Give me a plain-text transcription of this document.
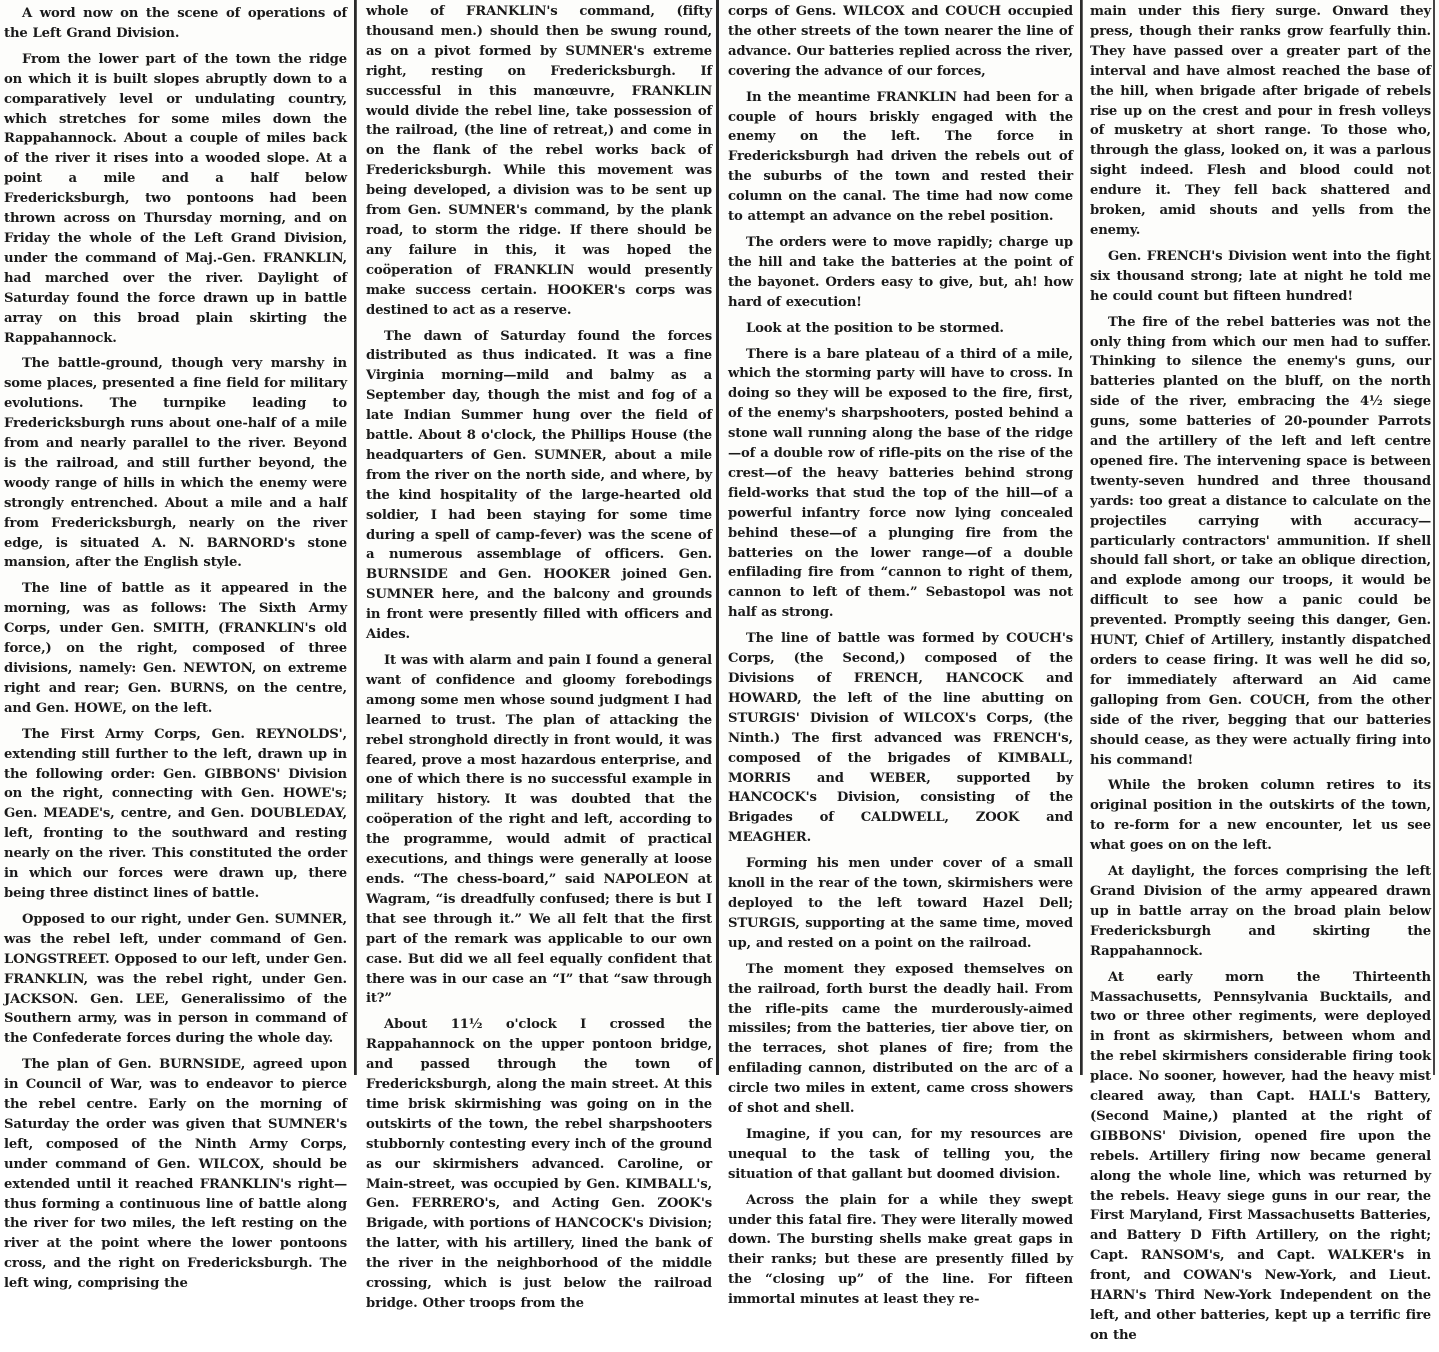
A word now on the scene of operations of the Left Grand Division.

From the lower part of the town the ridge on which it is built slopes abruptly down to a comparatively level or undulating country, which stretches for some miles down the Rappahannock. About a couple of miles back of the river it rises into a wooded slope. At a point a mile and a half below Fredericksburgh, two pontoons had been thrown across on Thursday morning, and on Friday the whole of the Left Grand Division, under the command of Maj.-Gen. FRANKLIN, had marched over the river. Daylight of Saturday found the force drawn up in battle array on this broad plain skirting the Rappahannock.

The battle-ground, though very marshy in some places, presented a fine field for military evolutions. The turnpike leading to Fredericksburgh runs about one-half of a mile from and nearly parallel to the river. Beyond is the railroad, and still further beyond, the woody range of hills in which the enemy were strongly entrenched. About a mile and a half from Fredericksburgh, nearly on the river edge, is situated A. N. BARNORD's stone mansion, after the English style.

The line of battle as it appeared in the morning, was as follows: The Sixth Army Corps, under Gen. SMITH, (FRANKLIN's old force,) on the right, composed of three divisions, namely: Gen. NEWTON, on extreme right and rear; Gen. BURNS, on the centre, and Gen. HOWE, on the left.

The First Army Corps, Gen. REYNOLDS', extending still further to the left, drawn up in the following order: Gen. GIBBONS' Division on the right, connecting with Gen. HOWE's; Gen. MEADE's, centre, and Gen. DOUBLEDAY, left, fronting to the southward and resting nearly on the river. This constituted the order in which our forces were drawn up, there being three distinct lines of battle.

Opposed to our right, under Gen. SUMNER, was the rebel left, under command of Gen. LONGSTREET. Opposed to our left, under Gen. FRANKLIN, was the rebel right, under Gen. JACKSON. Gen. LEE, Generalissimo of the Southern army, was in person in command of the Confederate forces during the whole day.

The plan of Gen. BURNSIDE, agreed upon in Council of War, was to endeavor to pierce the rebel centre. Early on the morning of Saturday the order was given that SUMNER's left, composed of the Ninth Army Corps, under command of Gen. WILCOX, should be extended until it reached FRANKLIN's right—thus forming a continuous line of battle along the river for two miles, the left resting on the river at the point where the lower pontoons cross, and the right on Fredericksburgh. The left wing, comprising the

whole of FRANKLIN's command, (fifty thousand men.) should then be swung round, as on a pivot formed by SUMNER's extreme right, resting on Fredericksburgh. If successful in this manœuvre, FRANKLIN would divide the rebel line, take possession of the railroad, (the line of retreat,) and come in on the flank of the rebel works back of Fredericksburgh. While this movement was being developed, a division was to be sent up from Gen. SUMNER's command, by the plank road, to storm the ridge. If there should be any failure in this, it was hoped the coöperation of FRANKLIN would presently make success certain. HOOKER's corps was destined to act as a reserve.

The dawn of Saturday found the forces distributed as thus indicated. It was a fine Virginia morning—mild and balmy as a September day, though the mist and fog of a late Indian Summer hung over the field of battle. About 8 o'clock, the Phillips House (the headquarters of Gen. SUMNER, about a mile from the river on the north side, and where, by the kind hospitality of the large-hearted old soldier, I had been staying for some time during a spell of camp-fever) was the scene of a numerous assemblage of officers. Gen. BURNSIDE and Gen. HOOKER joined Gen. SUMNER here, and the balcony and grounds in front were presently filled with officers and Aides.

It was with alarm and pain I found a general want of confidence and gloomy forebodings among some men whose sound judgment I had learned to trust. The plan of attacking the rebel stronghold directly in front would, it was feared, prove a most hazardous enterprise, and one of which there is no successful example in military history. It was doubted that the coöperation of the right and left, according to the programme, would admit of practical executions, and things were generally at loose ends. “The chess-board,” said NAPOLEON at Wagram, “is dreadfully confused; there is but I that see through it.” We all felt that the first part of the remark was applicable to our own case. But did we all feel equally confident that there was in our case an “I” that “saw through it?”

About 11½ o'clock I crossed the Rappahannock on the upper pontoon bridge, and passed through the town of Fredericksburgh, along the main street. At this time brisk skirmishing was going on in the outskirts of the town, the rebel sharpshooters stubbornly contesting every inch of the ground as our skirmishers advanced. Caroline, or Main-street, was occupied by Gen. KIMBALL's, Gen. FERRERO's, and Acting Gen. ZOOK's Brigade, with portions of HANCOCK's Division; the latter, with his artillery, lined the bank of the river in the neighborhood of the middle crossing, which is just below the railroad bridge. Other troops from the

corps of Gens. WILCOX and COUCH occupied the other streets of the town nearer the line of advance. Our batteries replied across the river, covering the advance of our forces,

In the meantime FRANKLIN had been for a couple of hours briskly engaged with the enemy on the left. The force in Fredericksburgh had driven the rebels out of the suburbs of the town and rested their column on the canal. The time had now come to attempt an advance on the rebel position.

The orders were to move rapidly; charge up the hill and take the batteries at the point of the bayonet. Orders easy to give, but, ah! how hard of execution!

Look at the position to be stormed.

There is a bare plateau of a third of a mile, which the storming party will have to cross. In doing so they will be exposed to the fire, first, of the enemy's sharpshooters, posted behind a stone wall running along the base of the ridge—of a double row of rifle-pits on the rise of the crest—of the heavy batteries behind strong field-works that stud the top of the hill—of a powerful infantry force now lying concealed behind these—of a plunging fire from the batteries on the lower range—of a double enfilading fire from “cannon to right of them, cannon to left of them.” Sebastopol was not half as strong.

The line of battle was formed by COUCH's Corps, (the Second,) composed of the Divisions of FRENCH, HANCOCK and HOWARD, the left of the line abutting on STURGIS' Division of WILCOX's Corps, (the Ninth.) The first advanced was FRENCH's, composed of the brigades of KIMBALL, MORRIS and WEBER, supported by HANCOCK's Division, consisting of the Brigades of CALDWELL, ZOOK and MEAGHER.

Forming his men under cover of a small knoll in the rear of the town, skirmishers were deployed to the left toward Hazel Dell; STURGIS, supporting at the same time, moved up, and rested on a point on the railroad.

The moment they exposed themselves on the railroad, forth burst the deadly hail. From the rifle-pits came the murderously-aimed missiles; from the batteries, tier above tier, on the terraces, shot planes of fire; from the enfilading cannon, distributed on the arc of a circle two miles in extent, came cross showers of shot and shell.

Imagine, if you can, for my resources are unequal to the task of telling you, the situation of that gallant but doomed division.

Across the plain for a while they swept under this fatal fire. They were literally mowed down. The bursting shells make great gaps in their ranks; but these are presently filled by the “closing up” of the line. For fifteen immortal minutes at least they re-

main under this fiery surge. Onward they press, though their ranks grow fearfully thin. They have passed over a greater part of the interval and have almost reached the base of the hill, when brigade after brigade of rebels rise up on the crest and pour in fresh volleys of musketry at short range. To those who, through the glass, looked on, it was a parlous sight indeed. Flesh and blood could not endure it. They fell back shattered and broken, amid shouts and yells from the enemy.

Gen. FRENCH's Division went into the fight six thousand strong; late at night he told me he could count but fifteen hundred!

The fire of the rebel batteries was not the only thing from which our men had to suffer. Thinking to silence the enemy's guns, our batteries planted on the bluff, on the north side of the river, embracing the 4½ siege guns, some batteries of 20-pounder Parrots and the artillery of the left and left centre opened fire. The intervening space is between twenty-seven hundred and three thousand yards: too great a distance to calculate on the projectiles carrying with accuracy—particularly contractors' ammunition. If shell should fall short, or take an oblique direction, and explode among our troops, it would be difficult to see how a panic could be prevented. Promptly seeing this danger, Gen. HUNT, Chief of Artillery, instantly dispatched orders to cease firing. It was well he did so, for immediately afterward an Aid came galloping from Gen. COUCH, from the other side of the river, begging that our batteries should cease, as they were actually firing into his command!

While the broken column retires to its original position in the outskirts of the town, to re-form for a new encounter, let us see what goes on on the left.

At daylight, the forces comprising the left Grand Division of the army appeared drawn up in battle array on the broad plain below Fredericksburgh and skirting the Rappahannock.

At early morn the Thirteenth Massachusetts, Pennsylvania Bucktails, and two or three other regiments, were deployed in front as skirmishers, between whom and the rebel skirmishers considerable firing took place. No sooner, however, had the heavy mist cleared away, than Capt. HALL's Battery, (Second Maine,) planted at the right of GIBBONS' Division, opened fire upon the rebels. Artillery firing now became general along the whole line, which was returned by the rebels. Heavy siege guns in our rear, the First Maryland, First Massachusetts Batteries, and Battery D Fifth Artillery, on the right; Capt. RANSOM's, and Capt. WALKER's in front, and COWAN's New-York, and Lieut. HARN's Third New-York Independent on the left, and other batteries, kept up a terrific fire on the
